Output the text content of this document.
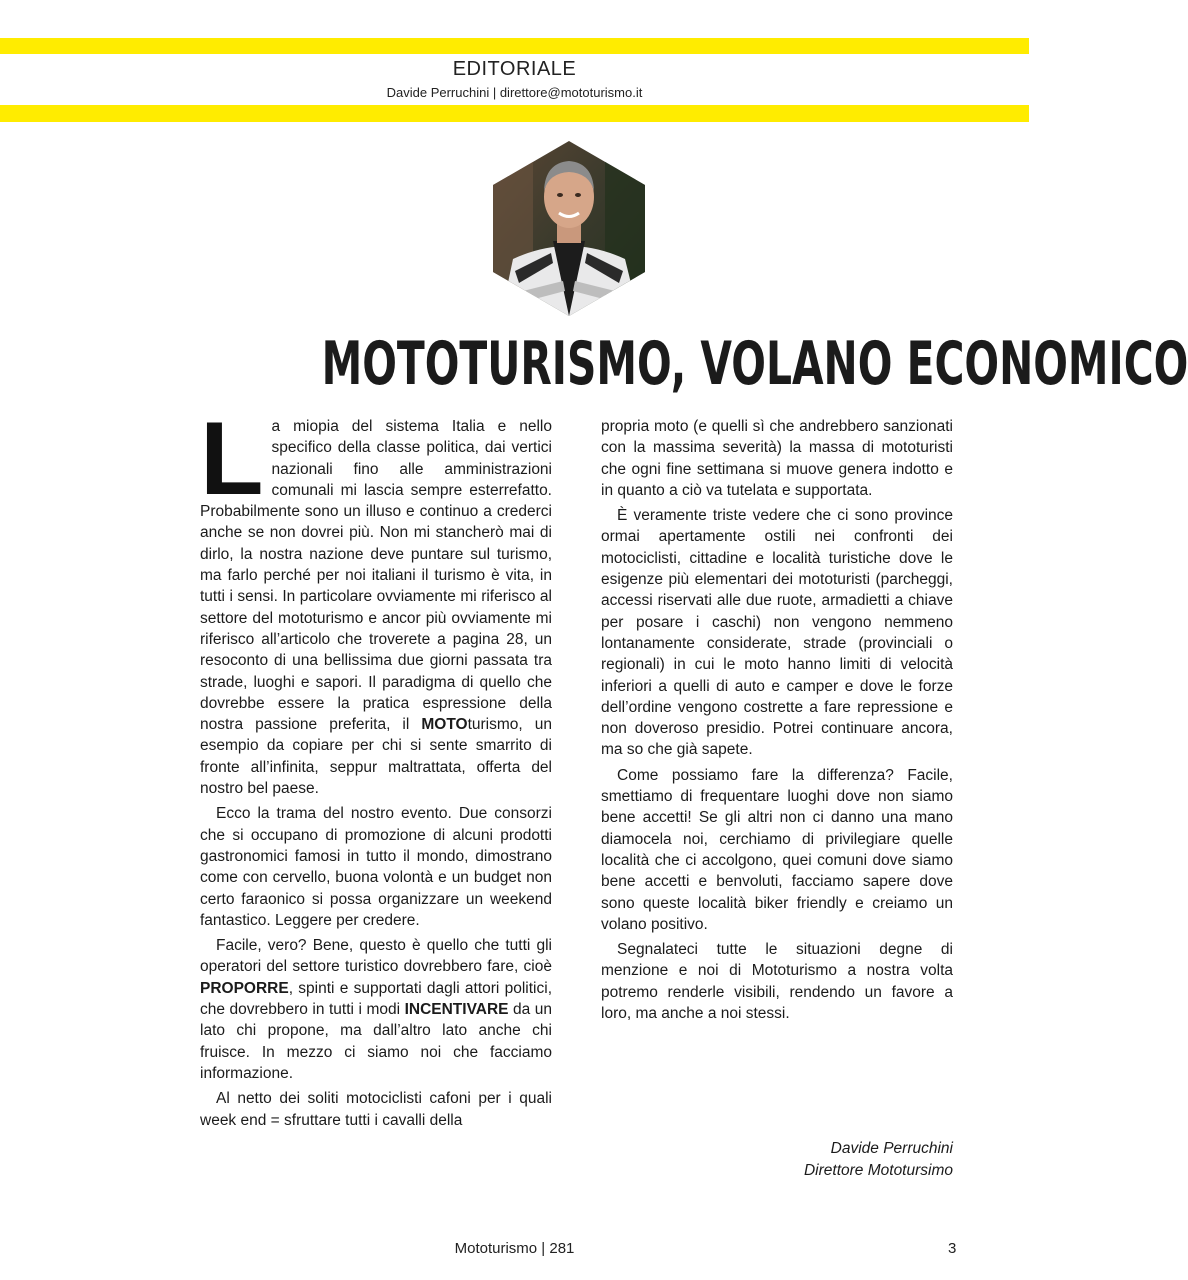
EDITORIALE
Davide Perruchini | direttore@mototurismo.it
MOTOTURISMO, VOLANO ECONOMICO

La miopia del sistema Italia e nello specifico della classe politica, dai vertici nazionali fino alle amministrazioni comunali mi lascia sempre esterrefatto. Probabilmente sono un illuso e continuo a crederci anche se non dovrei più. Non mi stancherò mai di dirlo, la nostra nazione deve puntare sul turismo, ma farlo perché per noi italiani il turismo è vita, in tutti i sensi. In particolare ovviamente mi riferisco al settore del mototurismo e ancor più ovviamente mi riferisco all’articolo che troverete a pagina 28, un resoconto di una bellissima due giorni passata tra strade, luoghi e sapori. Il paradigma di quello che dovrebbe essere la pratica espressione della nostra passione preferita, il MOTOturismo, un esempio da copiare per chi si sente smarrito di fronte all’infinita, seppur maltrattata, offerta del nostro bel paese.

Ecco la trama del nostro evento. Due consorzi che si occupano di promozione di alcuni prodotti gastronomici famosi in tutto il mondo, dimostrano come con cervello, buona volontà e un budget non certo faraonico si possa organizzare un weekend fantastico. Leggere per credere.

Facile, vero? Bene, questo è quello che tutti gli operatori del settore turistico dovrebbero fare, cioè PROPORRE, spinti e supportati dagli attori politici, che dovrebbero in tutti i modi INCENTIVARE da un lato chi propone, ma dall’altro lato anche chi fruisce. In mezzo ci siamo noi che facciamo informazione.

Al netto dei soliti motociclisti cafoni per i quali week end = sfruttare tutti i cavalli della

propria moto (e quelli sì che andrebbero sanzionati con la massima severità) la massa di mototuristi che ogni fine settimana si muove genera indotto e in quanto a ciò va tutelata e supportata.

È veramente triste vedere che ci sono province ormai apertamente ostili nei confronti dei motociclisti, cittadine e località turistiche dove le esigenze più elementari dei mototuristi (parcheggi, accessi riservati alle due ruote, armadietti a chiave per posare i caschi) non vengono nemmeno lontanamente considerate, strade (provinciali o regionali) in cui le moto hanno limiti di velocità inferiori a quelli di auto e camper e dove le forze dell’ordine vengono costrette a fare repressione e non doveroso presidio. Potrei continuare ancora, ma so che già sapete.

Come possiamo fare la differenza? Facile, smettiamo di frequentare luoghi dove non siamo bene accetti! Se gli altri non ci danno una mano diamocela noi, cerchiamo di privilegiare quelle località che ci accolgono, quei comuni dove siamo bene accetti e benvoluti, facciamo sapere dove sono queste località biker friendly e creiamo un volano positivo.

Segnalateci tutte le situazioni degne di menzione e noi di Mototurismo a nostra volta potremo renderle visibili, rendendo un favore a loro, ma anche a noi stessi.

Davide Perruchini
Direttore Mototursimo
Mototurismo | 281	3
